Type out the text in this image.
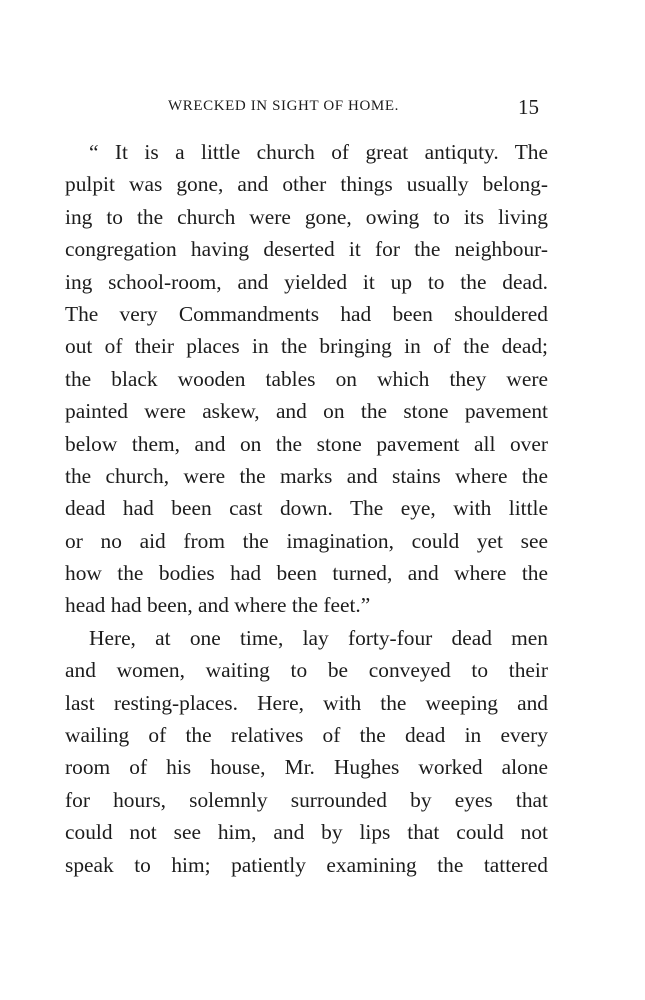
WRECKED IN SIGHT OF HOME.	15
“ It is a little church of great antiquty. The
pulpit was gone, and other things usually belong-
ing to the church were gone, owing to its living
congregation having deserted it for the neighbour-
ing school-room, and yielded it up to the dead.
The very Commandments had been shouldered
out of their places in the bringing in of the dead;
the black wooden tables on which they were
painted were askew, and on the stone pavement
below them, and on the stone pavement all over
the church, were the marks and stains where the
dead had been cast down. The eye, with little
or no aid from the imagination, could yet see
how the bodies had been turned, and where the
head had been, and where the feet.”
Here, at one time, lay forty-four dead men
and women, waiting to be conveyed to their
last resting-places. Here, with the weeping and
wailing of the relatives of the dead in every
room of his house, Mr. Hughes worked alone
for hours, solemnly surrounded by eyes that
could not see him, and by lips that could not
speak to him; patiently examining the tattered
